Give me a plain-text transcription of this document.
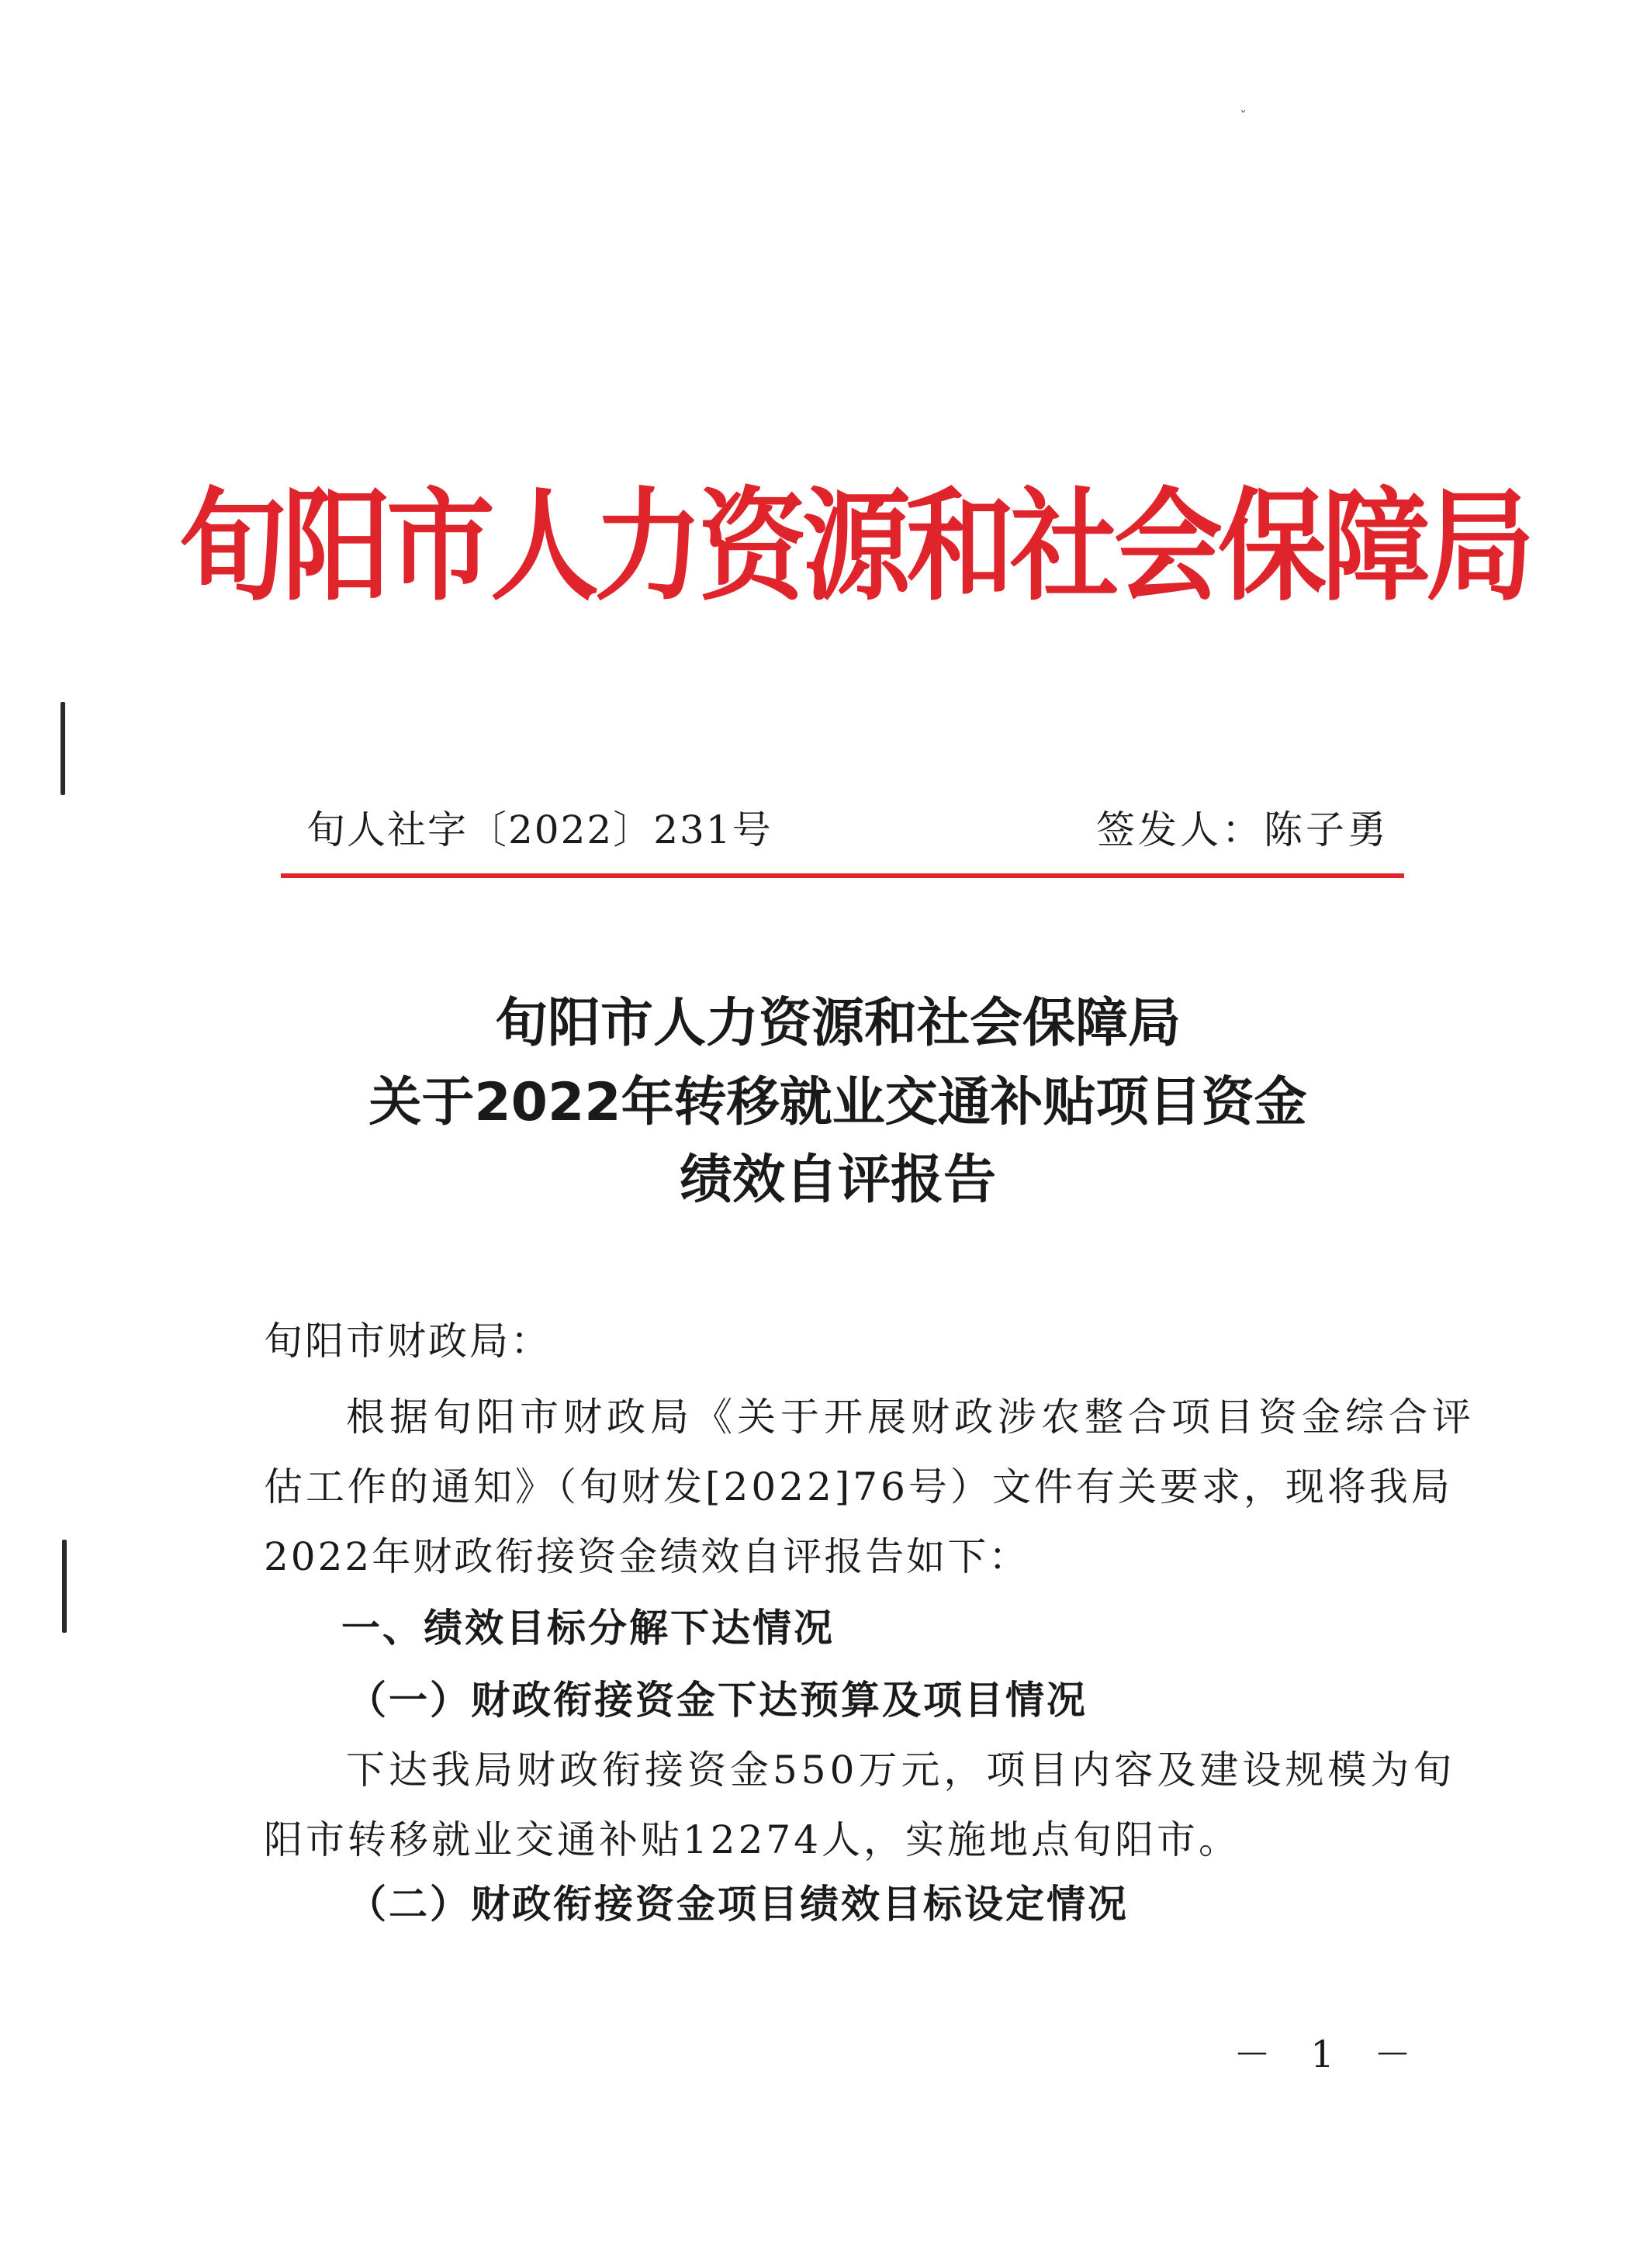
ˇ
旬阳市人力资源和社会保障局
旬人社字〔2022〕231号	签发人：陈子勇
旬阳市人力资源和社会保障局
关于2022年转移就业交通补贴项目资金
绩效自评报告
旬阳市财政局：
根据旬阳市财政局《关于开展财政涉农整合项目资金综合评
估工作的通知》（旬财发[2022]76号）文件有关要求，现将我局
2022年财政衔接资金绩效自评报告如下：
一、绩效目标分解下达情况
（一）财政衔接资金下达预算及项目情况
下达我局财政衔接资金550万元，项目内容及建设规模为旬
阳市转移就业交通补贴12274人，实施地点旬阳市。
（二）财政衔接资金项目绩效目标设定情况
－ 1 －
